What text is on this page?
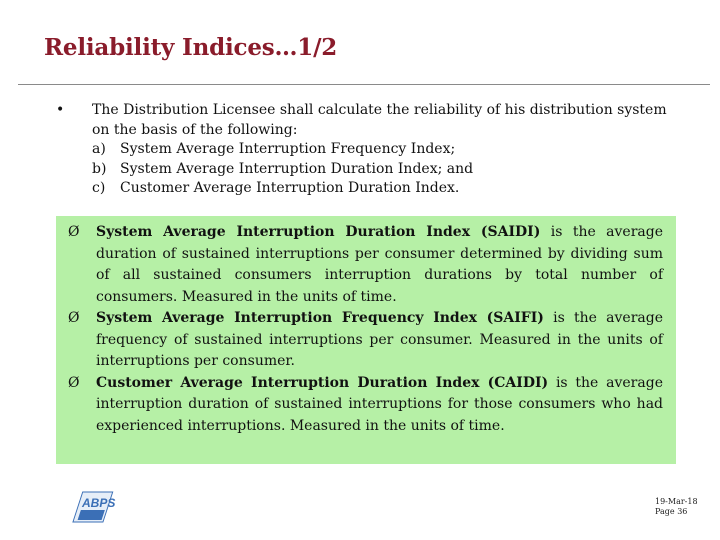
Reliability Indices…1/2
• The Distribution Licensee shall calculate the reliability of his distribution system on the basis of the following:

a)	System Average Interruption Frequency Index;
b) System Average Interruption Duration Index; and
c)	Customer Average Interruption Duration Index.
Ø	System Average Interruption Duration Index (SAIDI) is the average duration of sustained interruptions per consumer determined by dividing sum of all sustained consumers interruption durations by total number of consumers. Measured in the units of time.

Ø	System Average Interruption Frequency Index (SAIFI) is the average frequency of sustained interruptions per consumer. Measured in the units of interruptions per consumer.

Ø	Customer Average Interruption Duration Index (CAIDI) is the average interruption duration of sustained interruptions for those consumers who had experienced interruptions. Measured in the units of time.

ABPS	19-Mar-18
Page 36
